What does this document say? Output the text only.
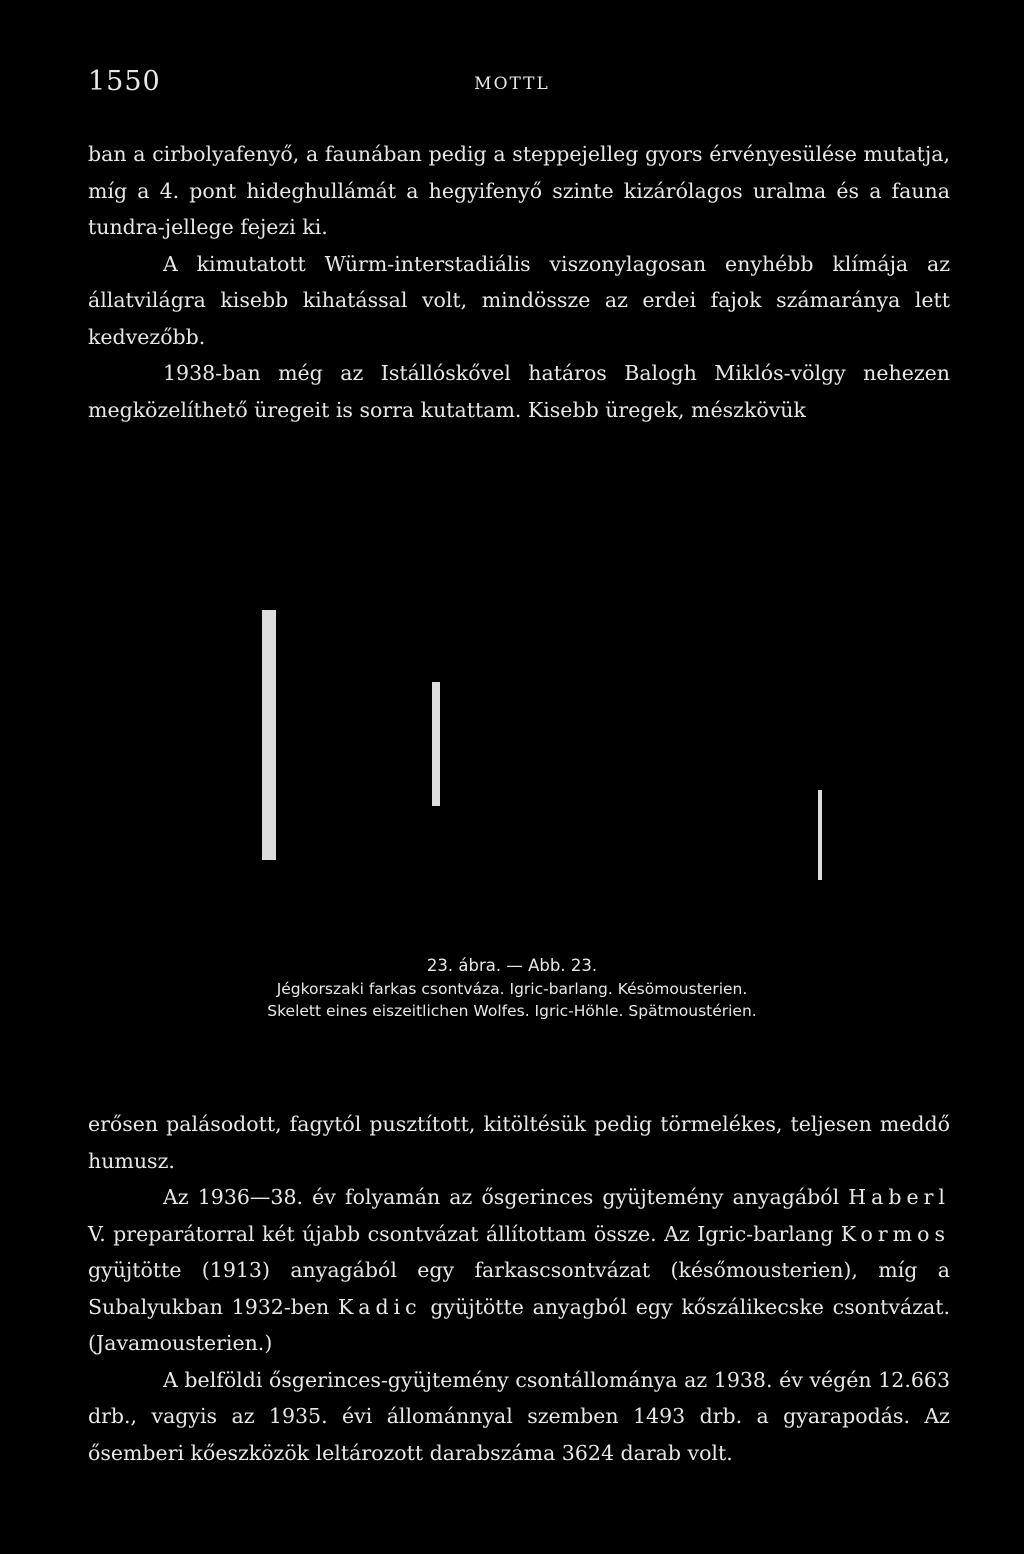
1550	MOTTL

ban a cirbolyafenyő, a faunában pedig a steppejelleg gyors érvényesülése mutatja, míg a 4. pont hideghullámát a hegyifenyő szinte kizárólagos uralma és a fauna tundra-jellege fejezi ki.

A kimutatott Würm-interstadiális viszonylagosan enyhébb klímája az állatvilágra kisebb kihatással volt, mindössze az erdei fajok számaránya lett kedvezőbb.

1938-ban még az Istállóskővel határos Balogh Miklós-völgy nehezen megközelíthető üregeit is sorra kutattam. Kisebb üregek, mészkövük

23. ábra. — Abb. 23.
Jégkorszaki farkas csontváza. Igric-barlang. Késömousterien.
Skelett eines eiszeitlichen Wolfes. Igric-Höhle. Spätmoustérien.

erősen palásodott, fagytól pusztított, kitöltésük pedig törmelékes, teljesen meddő humusz.

Az 1936—38. év folyamán az ősgerinces gyüjtemény anyagából Haberl V. preparátorral két újabb csontvázat állítottam össze. Az Igric-barlang Kormos gyüjtötte (1913) anyagából egy farkascsontvázat (későmousterien), míg a Subalyukban 1932-ben Kadic gyüjtötte anyagból egy kőszálikecske csontvázat. (Javamousterien.)

A belföldi ősgerinces-gyüjtemény csontállománya az 1938. év végén 12.663 drb., vagyis az 1935. évi állománnyal szemben 1493 drb. a gyarapodás. Az ősemberi kőeszközök leltározott darabszáma 3624 darab volt.
